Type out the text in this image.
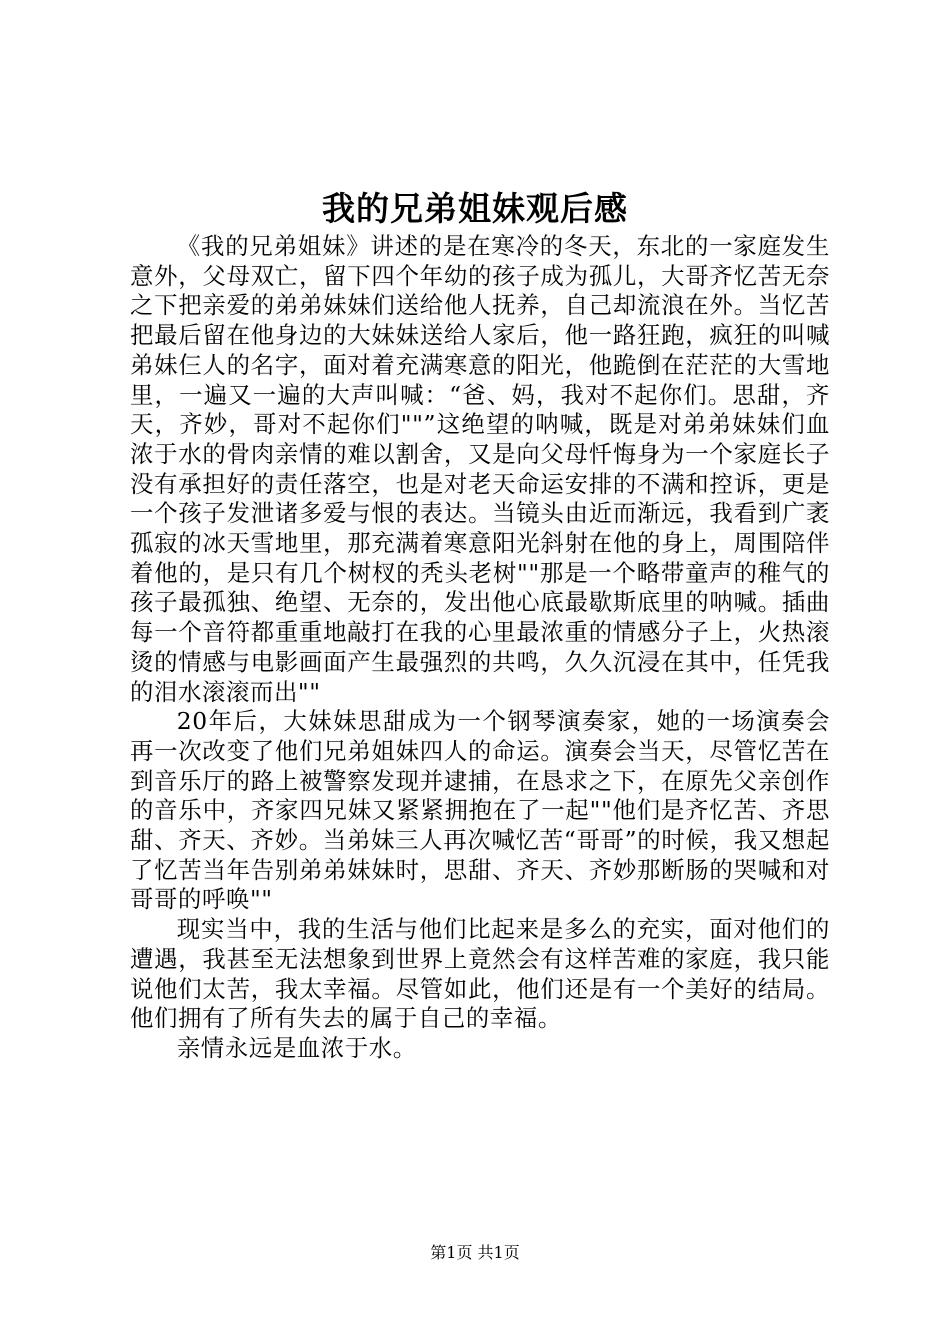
我的兄弟姐妹观后感

《我的兄弟姐妹》讲述的是在寒冷的冬天，东北的一家庭发生意外，父母双亡，留下四个年幼的孩子成为孤儿，大哥齐忆苦无奈之下把亲爱的弟弟妹妹们送给他人抚养，自己却流浪在外。当忆苦把最后留在他身边的大妹妹送给人家后，他一路狂跑，疯狂的叫喊弟妹仨人的名字，面对着充满寒意的阳光，他跪倒在茫茫的大雪地里，一遍又一遍的大声叫喊：“爸、妈，我对不起你们。思甜，齐天，齐妙，哥对不起你们""”这绝望的呐喊，既是对弟弟妹妹们血浓于水的骨肉亲情的难以割舍，又是向父母忏悔身为一个家庭长子没有承担好的责任落空，也是对老天命运安排的不满和控诉，更是一个孩子发泄诸多爱与恨的表达。当镜头由近而渐远，我看到广袤孤寂的冰天雪地里，那充满着寒意阳光斜射在他的身上，周围陪伴着他的，是只有几个树杈的秃头老树""那是一个略带童声的稚气的孩子最孤独、绝望、无奈的，发出他心底最歇斯底里的呐喊。插曲每一个音符都重重地敲打在我的心里最浓重的情感分子上，火热滚烫的情感与电影画面产生最强烈的共鸣，久久沉浸在其中，任凭我的泪水滚滚而出""

20年后，大妹妹思甜成为一个钢琴演奏家，她的一场演奏会再一次改变了他们兄弟姐妹四人的命运。演奏会当天，尽管忆苦在到音乐厅的路上被警察发现并逮捕，在恳求之下，在原先父亲创作的音乐中，齐家四兄妹又紧紧拥抱在了一起""他们是齐忆苦、齐思甜、齐天、齐妙。当弟妹三人再次喊忆苦“哥哥”的时候，我又想起了忆苦当年告别弟弟妹妹时，思甜、齐天、齐妙那断肠的哭喊和对哥哥的呼唤""

现实当中，我的生活与他们比起来是多么的充实，面对他们的遭遇，我甚至无法想象到世界上竟然会有这样苦难的家庭，我只能说他们太苦，我太幸福。尽管如此，他们还是有一个美好的结局。他们拥有了所有失去的属于自己的幸福。

亲情永远是血浓于水。

第1页 共1页
